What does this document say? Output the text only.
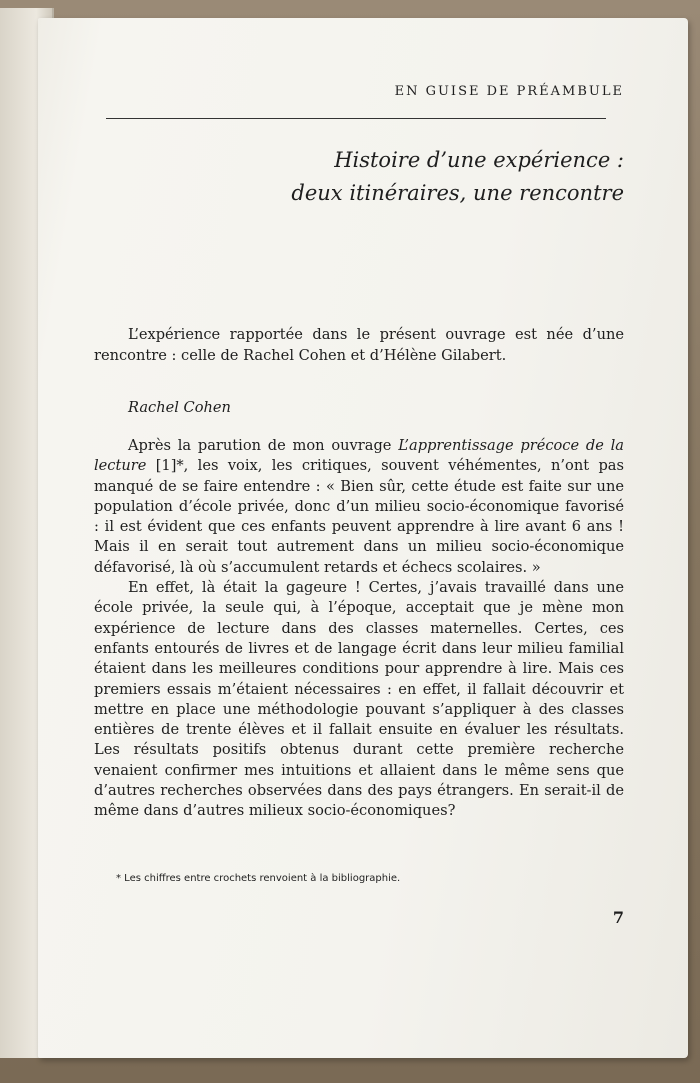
EN GUISE DE PRÉAMBULE
Histoire d’une expérience :
deux itinéraires, une rencontre

L’expérience rapportée dans le présent ouvrage est née d’une rencontre : celle de Rachel Cohen et d’Hélène Gilabert.

Rachel Cohen

Après la parution de mon ouvrage L’apprentissage précoce de la lecture [1]*, les voix, les critiques, souvent véhémentes, n’ont pas manqué de se faire entendre : « Bien sûr, cette étude est faite sur une population d’école privée, donc d’un milieu socio-économique favorisé : il est évident que ces enfants peuvent apprendre à lire avant 6 ans ! Mais il en serait tout autrement dans un milieu socio-économique défavorisé, là où s’accumulent retards et échecs scolaires. »

En effet, là était la gageure ! Certes, j’avais travaillé dans une école privée, la seule qui, à l’époque, acceptait que je mène mon expérience de lecture dans des classes maternelles. Certes, ces enfants entourés de livres et de langage écrit dans leur milieu familial étaient dans les meilleures conditions pour apprendre à lire. Mais ces premiers essais m’étaient nécessaires : en effet, il fallait découvrir et mettre en place une méthodologie pouvant s’appliquer à des classes entières de trente élèves et il fallait ensuite en évaluer les résultats. Les résultats positifs obtenus durant cette première recherche venaient confirmer mes intuitions et allaient dans le même sens que d’autres recherches observées dans des pays étrangers. En serait-il de même dans d’autres milieux socio-économiques?

* Les chiffres entre crochets renvoient à la bibliographie.
7
